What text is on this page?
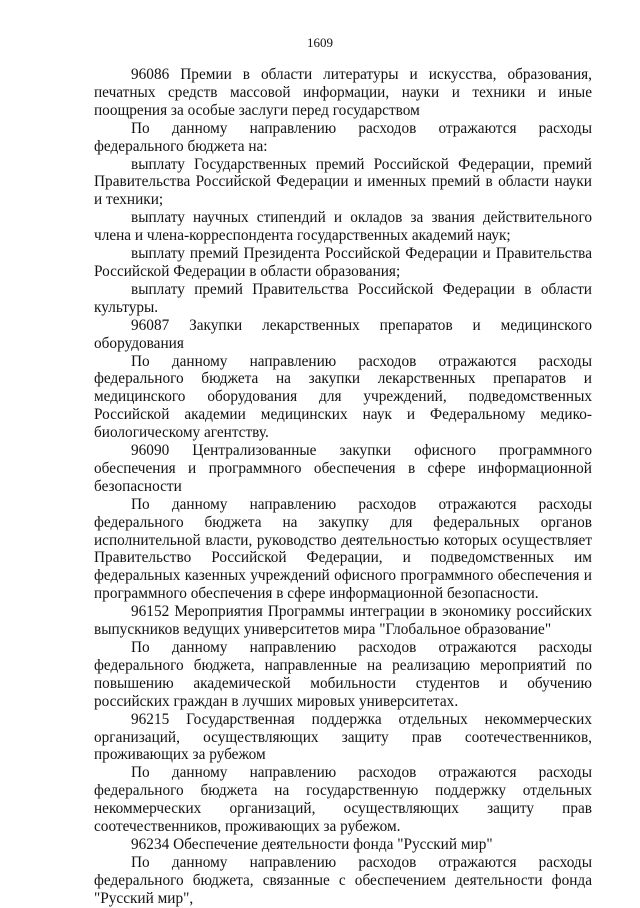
1609

96086 Премии в области литературы и искусства, образования, печатных средств массовой информации, науки и техники и иные поощрения за особые заслуги перед государством

По данному направлению расходов отражаются расходы федерального бюджета на:

выплату Государственных премий Российской Федерации, премий Правительства Российской Федерации и именных премий в области науки и техники;

выплату научных стипендий и окладов за звания действительного члена и члена-корреспондента государственных академий наук;

выплату премий Президента Российской Федерации и Правительства Российской Федерации в области образования;

выплату премий Правительства Российской Федерации в области культуры.

96087 Закупки лекарственных препаратов и медицинского оборудования

По данному направлению расходов отражаются расходы федерального бюджета на закупки лекарственных препаратов и медицинского оборудования для учреждений, подведомственных Российской академии медицинских наук и Федеральному медико-биологическому агентству.

96090 Централизованные закупки офисного программного обеспечения и программного обеспечения в сфере информационной безопасности

По данному направлению расходов отражаются расходы федерального бюджета на закупку для федеральных органов исполнительной власти, руководство деятельностью которых осуществляет Правительство Российской Федерации, и подведомственных им федеральных казенных учреждений офисного программного обеспечения и программного обеспечения в сфере информационной безопасности.

96152 Мероприятия Программы интеграции в экономику российских выпускников ведущих университетов мира "Глобальное образование"

По данному направлению расходов отражаются расходы федерального бюджета, направленные на реализацию мероприятий по повышению академической мобильности студентов и обучению российских граждан в лучших мировых университетах.

96215 Государственная поддержка отдельных некоммерческих организаций, осуществляющих защиту прав соотечественников, проживающих за рубежом

По данному направлению расходов отражаются расходы федерального бюджета на государственную поддержку отдельных некоммерческих организаций, осуществляющих защиту прав соотечественников, проживающих за рубежом.

96234 Обеспечение деятельности фонда "Русский мир"

По данному направлению расходов отражаются расходы федерального бюджета, связанные с обеспечением деятельности фонда "Русский мир",
